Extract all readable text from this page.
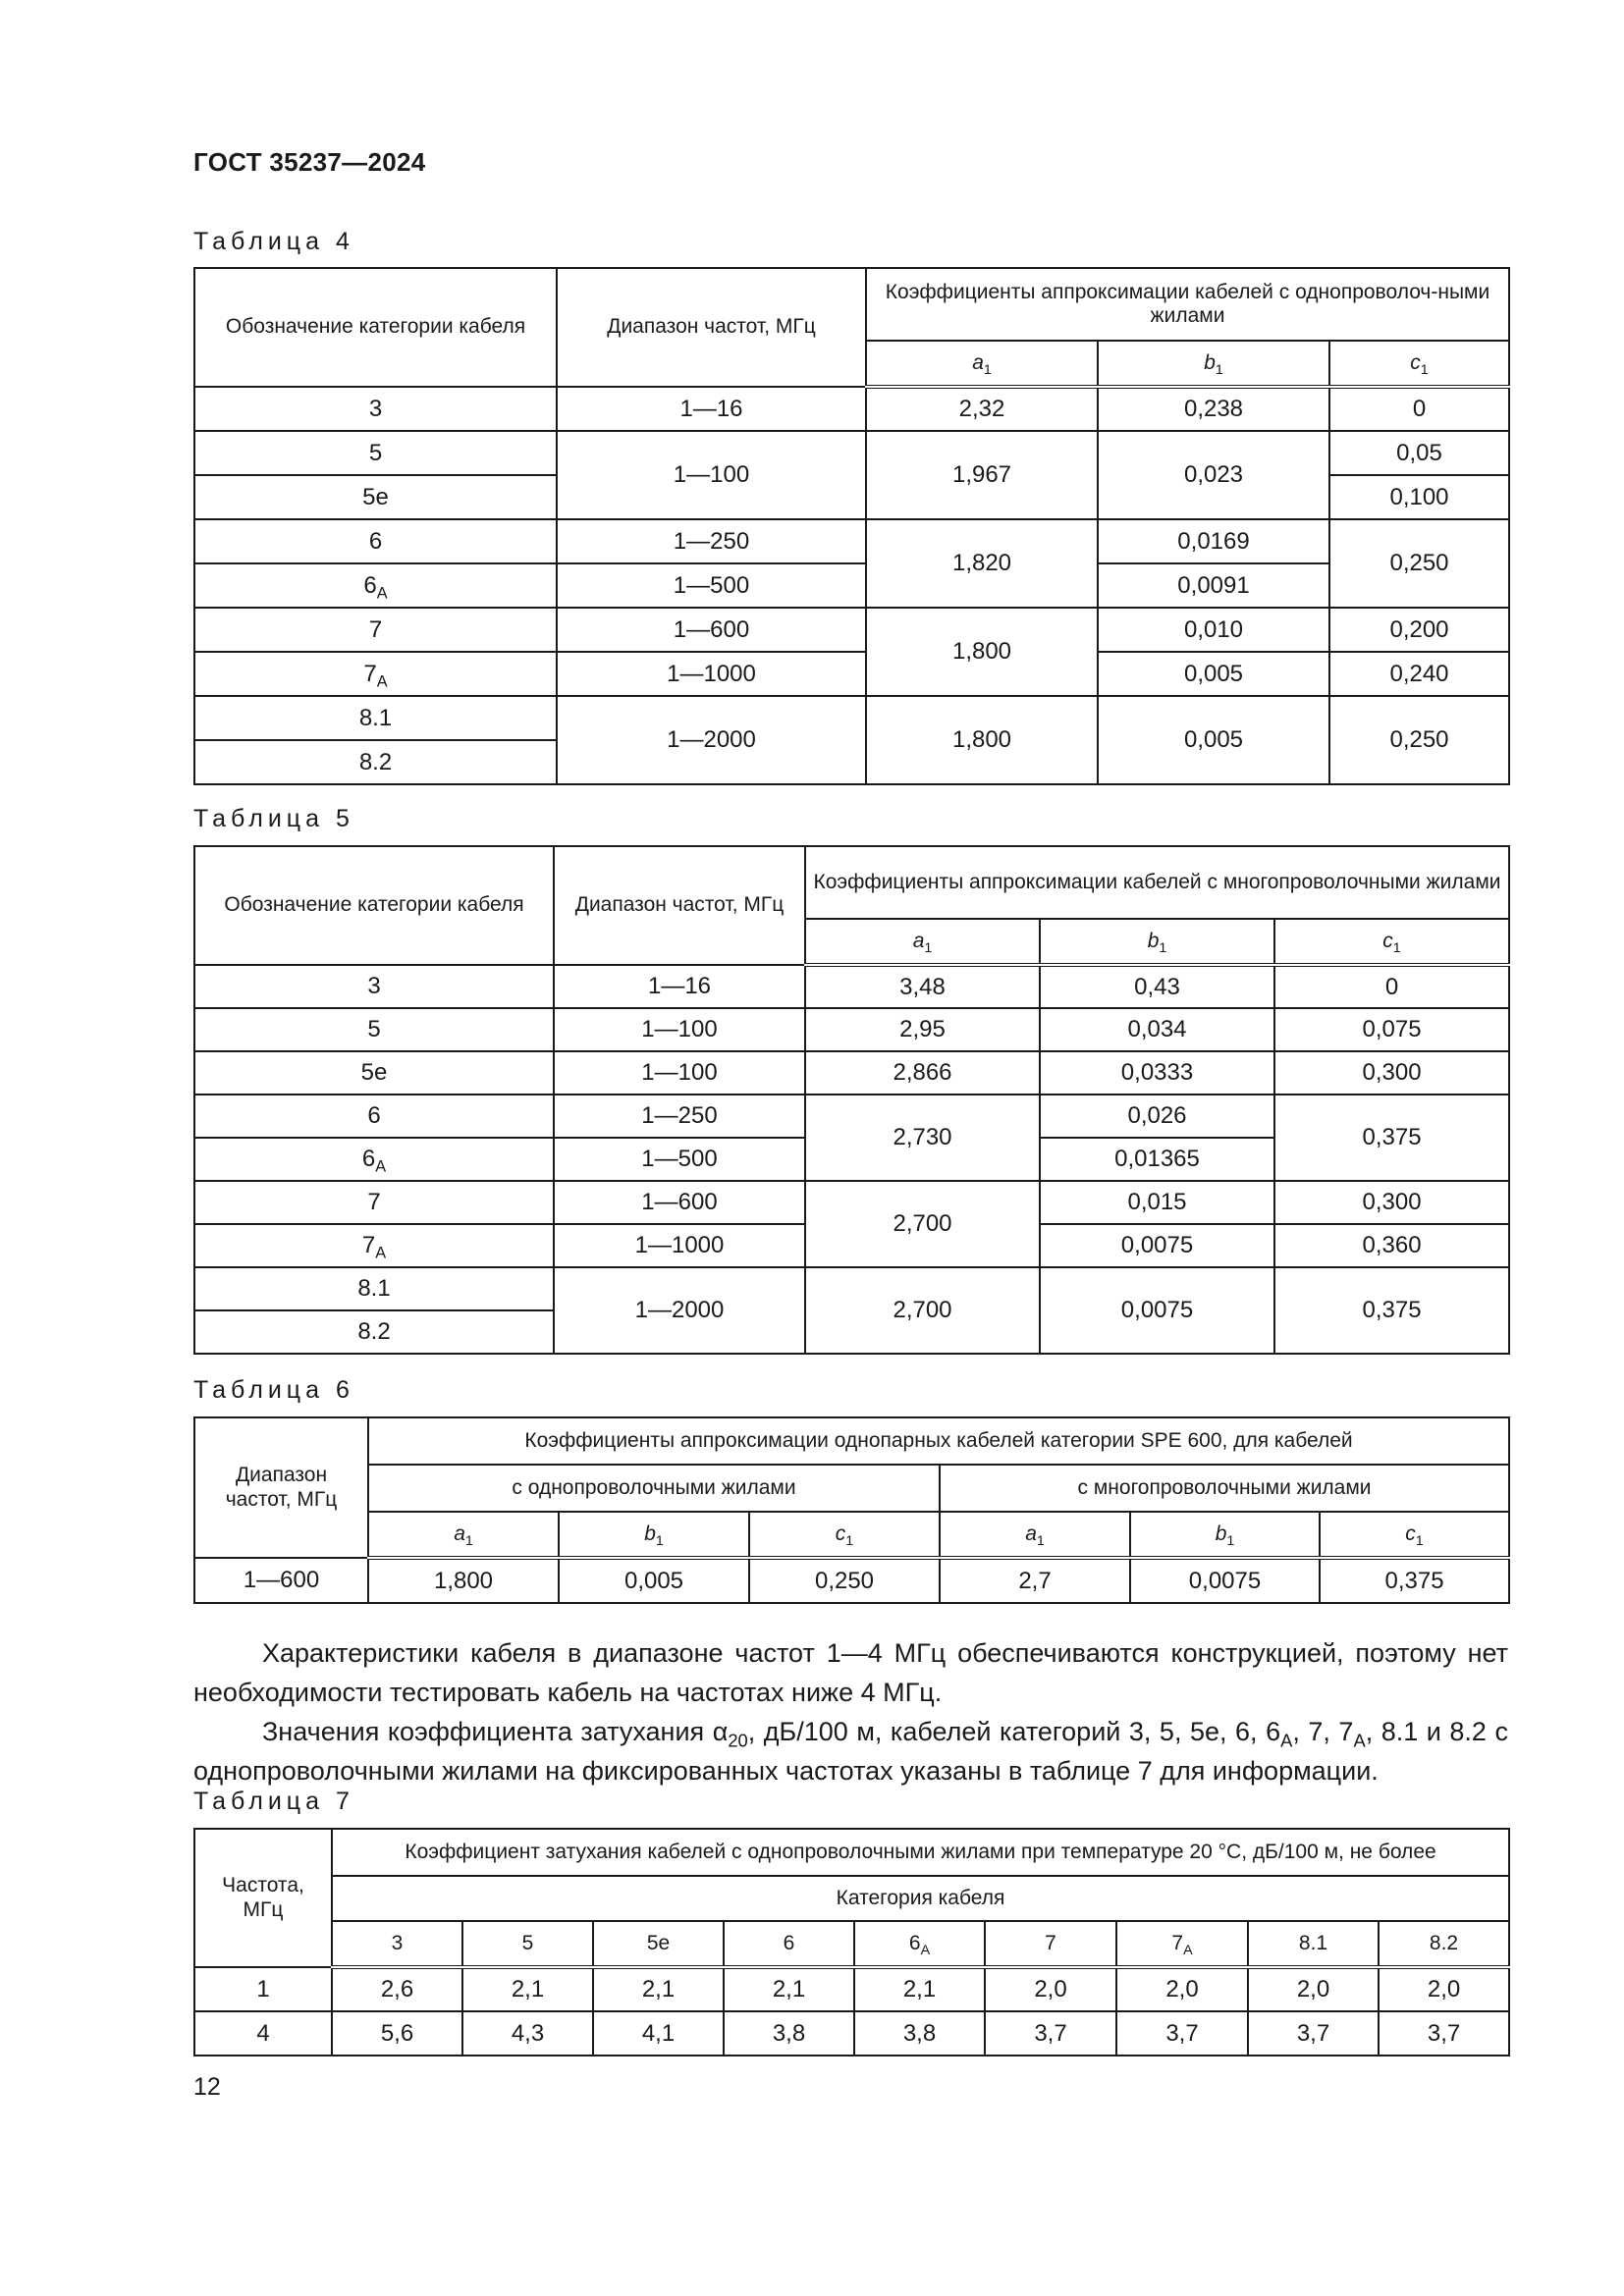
ГОСТ 35237—2024
Таблица 4
Обозначение категории кабеля	Диапазон частот, МГц	Коэффициенты аппроксимации кабелей с однопроволоч-ными жилами		
		$a_1$	$b_1$	$c_1$
3	1—16	2,32	0,238	0
5	1—100	1,967	0,023	0,05
5e				0,100
6	1—250	1,820	0,0169	0,250
$6_A$	1—500		0,0091	
7	1—600	1,800	0,010	0,200
$7_A$	1—1000		0,005	0,240
8.1	1—2000	1,800	0,005	0,250
8.2				
Таблица 5
Обозначение категории кабеля	Диапазон частот, МГц	Коэффициенты аппроксимации кабелей с многопроволочными жилами		
		$a_1$	$b_1$	$c_1$
3	1—16	3,48	0,43	0
5	1—100	2,95	0,034	0,075
5e	1—100	2,866	0,0333	0,300
6	1—250	2,730	0,026	0,375
$6_A$	1—500		0,01365	
7	1—600	2,700	0,015	0,300
$7_A$	1—1000		0,0075	0,360
8.1	1—2000	2,700	0,0075	0,375
8.2				
Таблица 6
Диапазон частот, МГц	Коэффициенты аппроксимации однопарных кабелей категории SPE 600, для кабелей					
	с однопроволочными жилами			с многопроволочными жилами		
	$a_1$	$b_1$	$c_1$	$a_1$	$b_1$	$c_1$
1—600	1,800	0,005	0,250	2,7	0,0075	0,375

Характеристики кабеля в диапазоне частот 1—4 МГц обеспечиваются конструкцией, поэтому нет необходимости тестировать кабель на частотах ниже 4 МГц.

Значения коэффициента затухания $\alpha_{20}$, дБ/100 м, кабелей категорий 3, 5, 5е, 6, $6_А$, 7, $7_А$, 8.1 и 8.2 с однопроволочными жилами на фиксированных частотах указаны в таблице 7 для информации.

Таблица 7
Частота, МГц	Коэффициент затухания кабелей с однопроволочными жилами при температуре 20 °С, дБ/100 м, не более								
	Категория кабеля								
	3	5	5e	6	$6_A$	7	$7_A$	8.1	8.2
1	2,6	2,1	2,1	2,1	2,1	2,0	2,0	2,0	2,0
4	5,6	4,3	4,1	3,8	3,8	3,7	3,7	3,7	3,7
12
